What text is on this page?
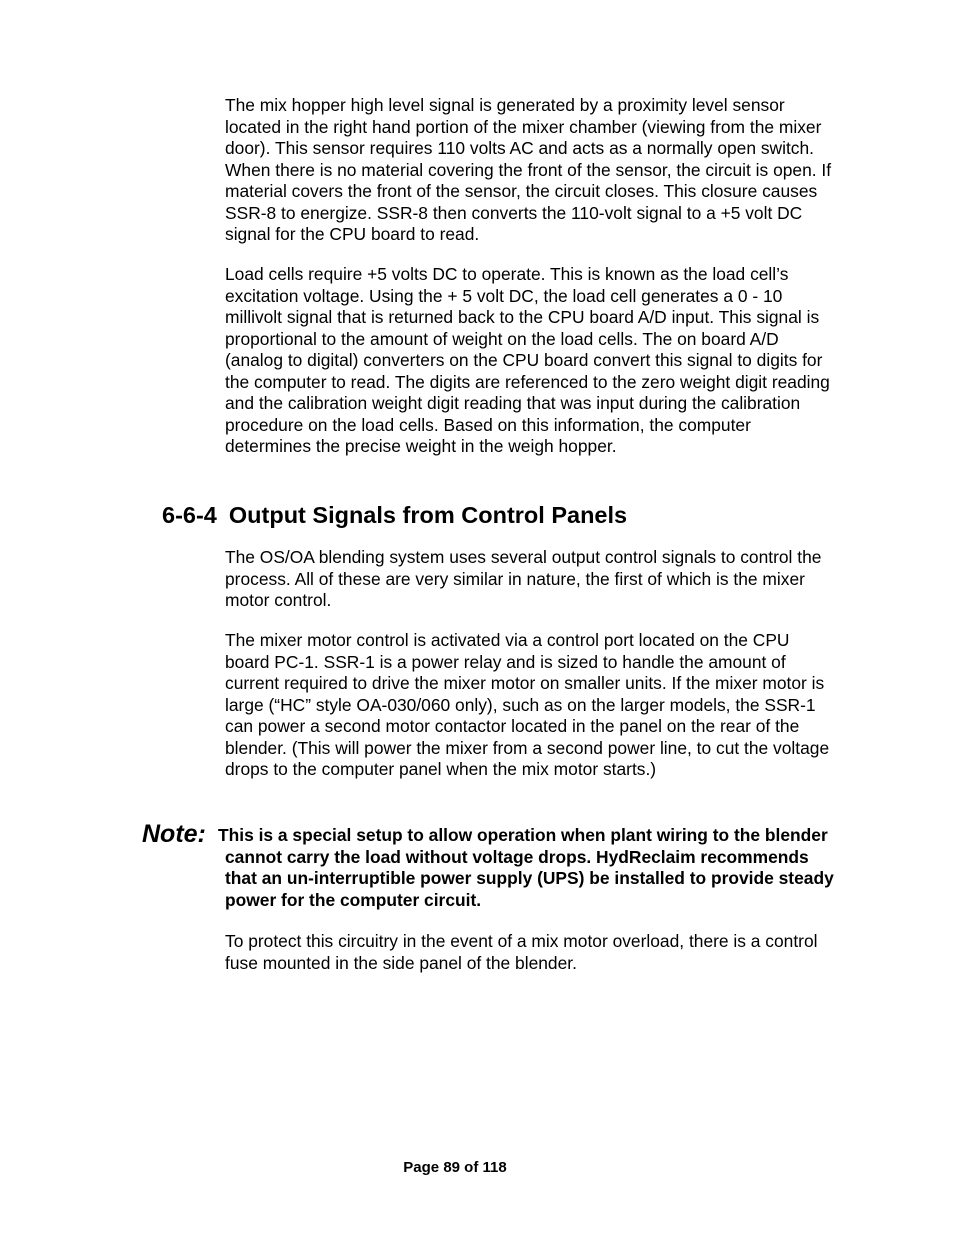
The mix hopper high level signal is generated by a proximity level sensor located in the right hand portion of the mixer chamber (viewing from the mixer door). This sensor requires 110 volts AC and acts as a normally open switch. When there is no material covering the front of the sensor, the circuit is open. If material covers the front of the sensor, the circuit closes. This closure causes SSR-8 to energize. SSR-8 then converts the 110-volt signal to a +5 volt DC signal for the CPU board to read.

Load cells require +5 volts DC to operate. This is known as the load cell’s excitation voltage. Using the + 5 volt DC, the load cell generates a 0 - 10 millivolt signal that is returned back to the CPU board A/D input. This signal is proportional to the amount of weight on the load cells. The on board A/D (analog to digital) converters on the CPU board convert this signal to digits for the computer to read. The digits are referenced to the zero weight digit reading and the calibration weight digit reading that was input during the calibration procedure on the load cells. Based on this information, the computer determines the precise weight in the weigh hopper.

6-6-4 Output Signals from Control Panels

The OS/OA blending system uses several output control signals to control the process. All of these are very similar in nature, the first of which is the mixer motor control.

The mixer motor control is activated via a control port located on the CPU board PC-1. SSR-1 is a power relay and is sized to handle the amount of current required to drive the mixer motor on smaller units. If the mixer motor is large (“HC” style OA-030/060 only), such as on the larger models, the SSR-1 can power a second motor contactor located in the panel on the rear of the blender. (This will power the mixer from a second power line, to cut the voltage drops to the computer panel when the mix motor starts.)

Note: This is a special setup to allow operation when plant wiring to the blender cannot carry the load without voltage drops. HydReclaim recommends that an un-interruptible power supply (UPS) be installed to provide steady power for the computer circuit.

To protect this circuitry in the event of a mix motor overload, there is a control fuse mounted in the side panel of the blender.

Page 89 of 118
